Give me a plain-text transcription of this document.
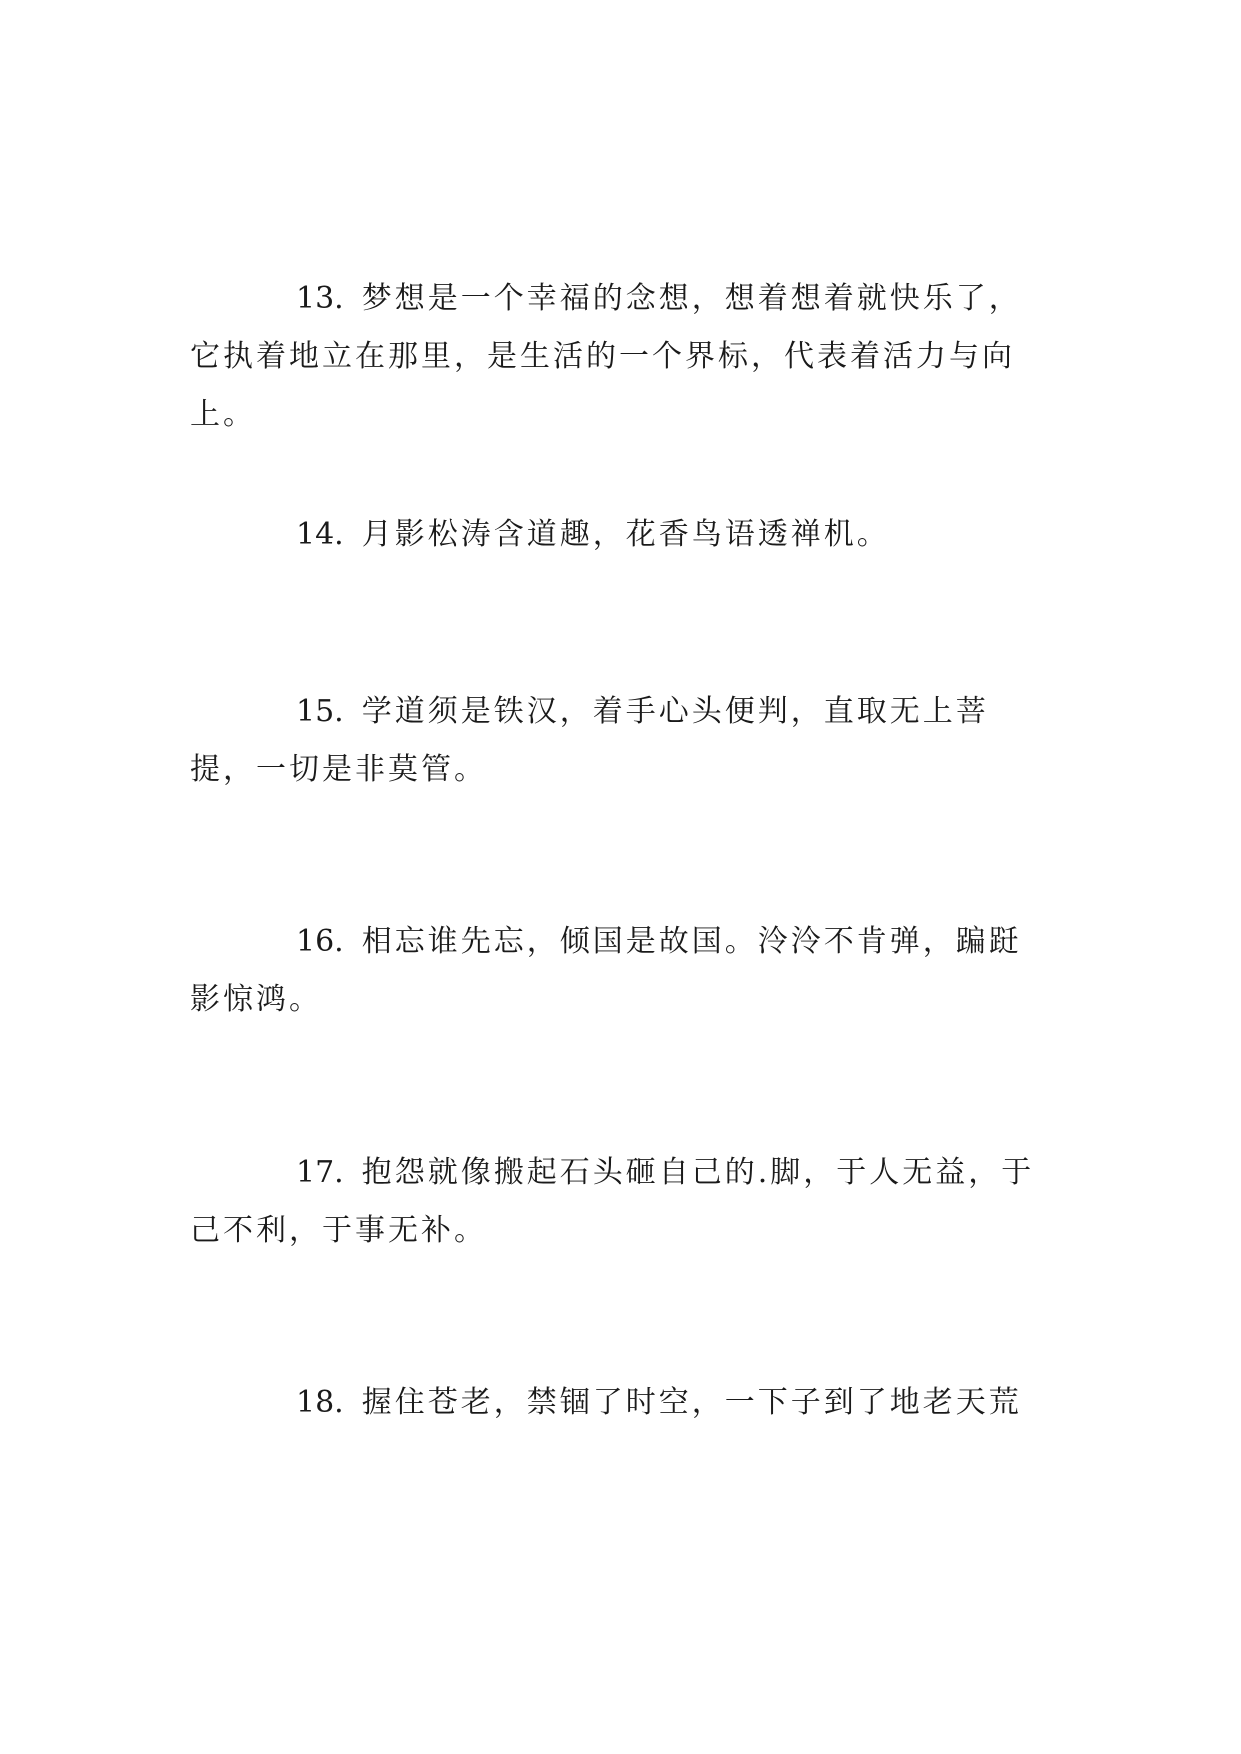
13. 梦想是一个幸福的念想，想着想着就快乐了，它执着地立在那里，是生活的一个界标，代表着活力与向上。

14. 月影松涛含道趣，花香鸟语透禅机。

15. 学道须是铁汉，着手心头便判，直取无上菩提，一切是非莫管。

16. 相忘谁先忘，倾国是故国。泠泠不肯弹，蹁跹影惊鸿。

17. 抱怨就像搬起石头砸自己的.脚，于人无益，于己不利，于事无补。

18. 握住苍老，禁锢了时空，一下子到了地老天荒
